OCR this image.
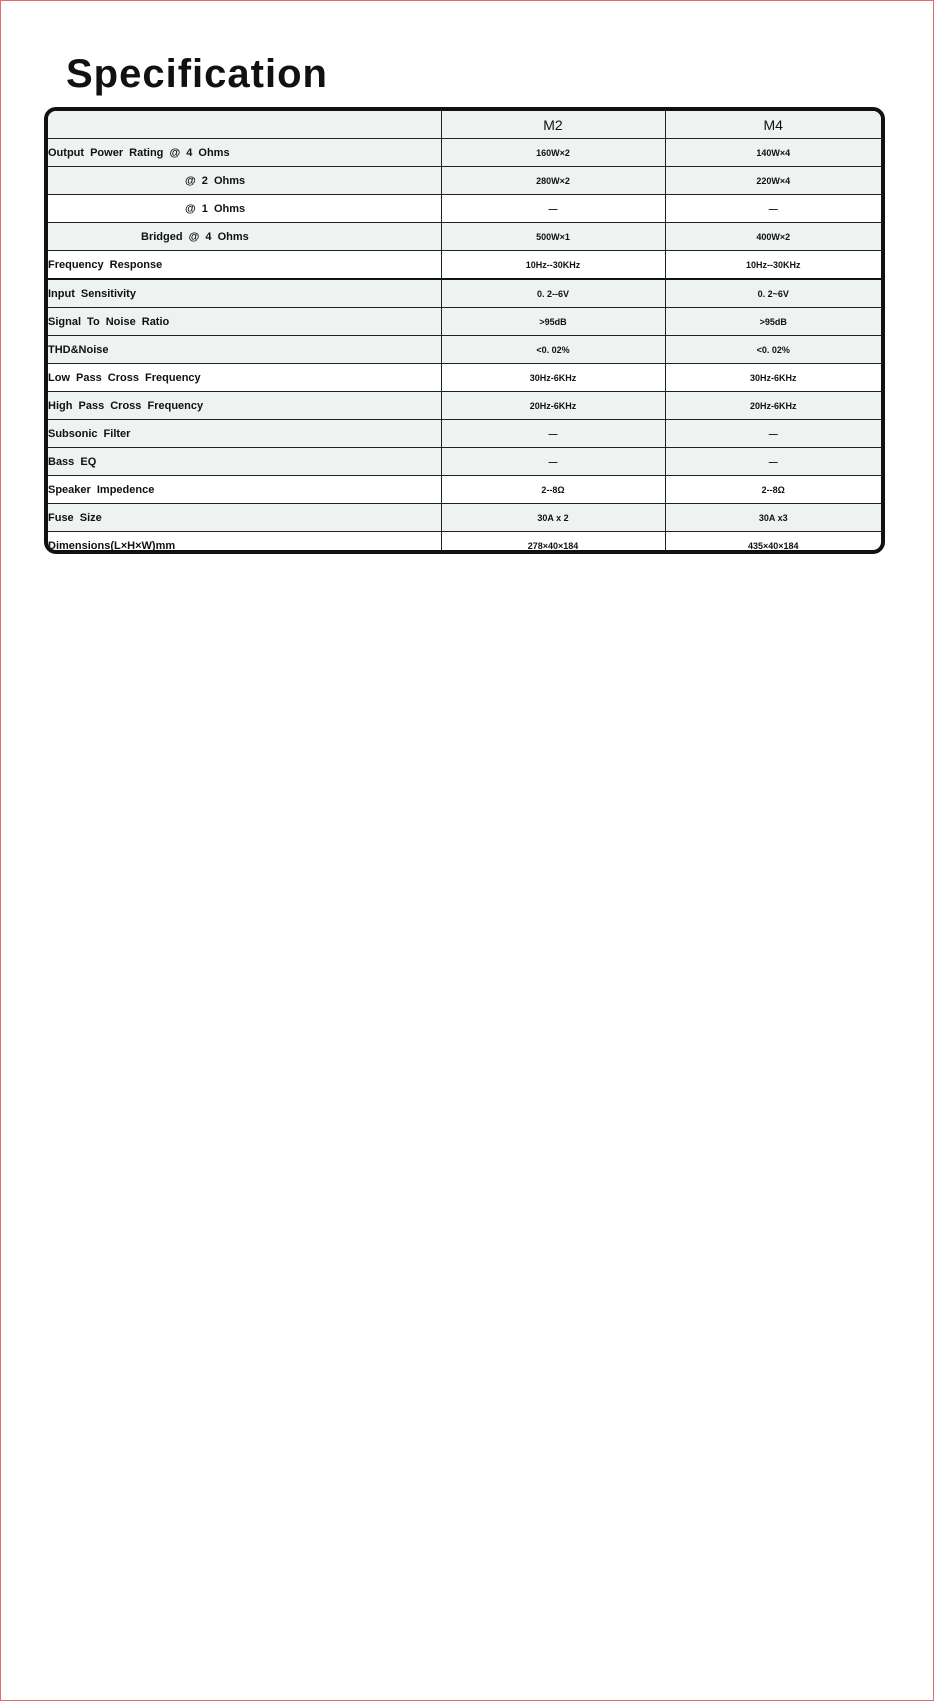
Specification
	M2	M4
Output Power Rating @ 4 Ohms	160W×2	140W×4
@ 2 Ohms	280W×2	220W×4
@ 1 Ohms	—	—
Bridged @ 4 Ohms	500W×1	400W×2
Frequency Response	10Hz--30KHz	10Hz--30KHz
Input Sensitivity	0. 2--6V	0. 2~6V
Signal To Noise Ratio	>95dB	>95dB
THD&Noise	<0. 02%	<0. 02%
Low Pass Cross Frequency	30Hz-6KHz	30Hz-6KHz
High Pass Cross Frequency	20Hz-6KHz	20Hz-6KHz
Subsonic Filter	—	—
Bass EQ	—	—
Speaker Impedence	2--8Ω	2--8Ω
Fuse Size	30A x 2	30A x3
Dimensions(L×H×W)mm	278×40×184	435×40×184
